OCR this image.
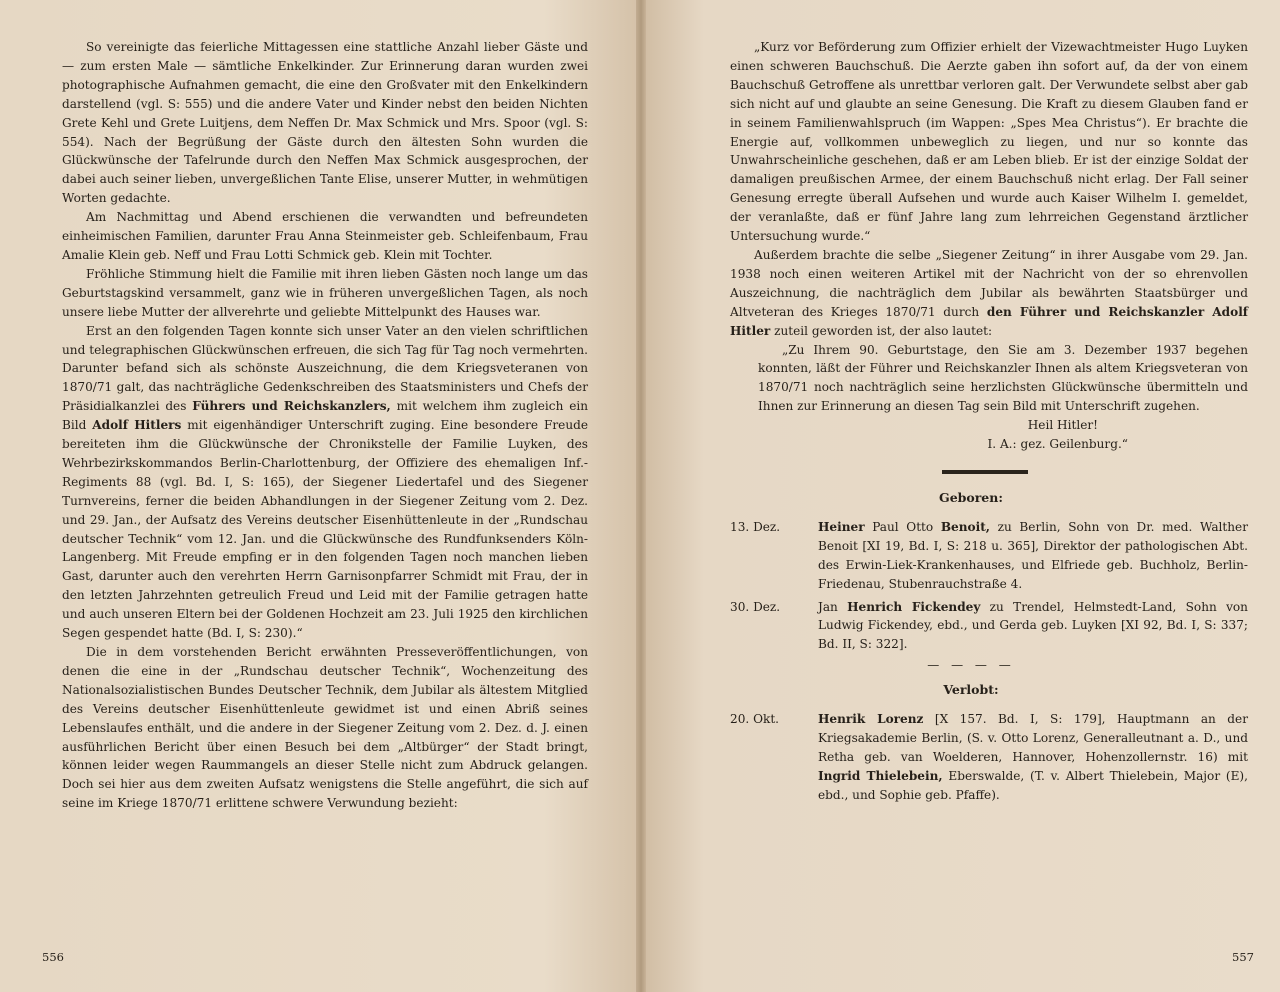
So vereinigte das feierliche Mittagessen eine stattliche Anzahl lieber Gäste und — zum ersten Male — sämtliche Enkelkinder. Zur Erinnerung daran wurden zwei photographische Aufnahmen gemacht, die eine den Großvater mit den Enkelkindern darstellend (vgl. S: 555) und die andere Vater und Kinder nebst den beiden Nichten Grete Kehl und Grete Luitjens, dem Neffen Dr. Max Schmick und Mrs. Spoor (vgl. S: 554). Nach der Begrüßung der Gäste durch den ältesten Sohn wurden die Glückwünsche der Tafelrunde durch den Neffen Max Schmick ausgesprochen, der dabei auch seiner lieben, unvergeßlichen Tante Elise, unserer Mutter, in wehmütigen Worten gedachte.

Am Nachmittag und Abend erschienen die verwandten und befreundeten einheimischen Familien, darunter Frau Anna Steinmeister geb. Schleifenbaum, Frau Amalie Klein geb. Neff und Frau Lotti Schmick geb. Klein mit Tochter.

Fröhliche Stimmung hielt die Familie mit ihren lieben Gästen noch lange um das Geburtstagskind versammelt, ganz wie in früheren unvergeßlichen Tagen, als noch unsere liebe Mutter der allverehrte und geliebte Mittelpunkt des Hauses war.

Erst an den folgenden Tagen konnte sich unser Vater an den vielen schriftlichen und telegraphischen Glückwünschen erfreuen, die sich Tag für Tag noch vermehrten. Darunter befand sich als schönste Auszeichnung, die dem Kriegsveteranen von 1870/71 galt, das nachträgliche Gedenkschreiben des Staatsministers und Chefs der Präsidialkanzlei des Führers und Reichskanzlers, mit welchem ihm zugleich ein Bild Adolf Hitlers mit eigenhändiger Unterschrift zuging. Eine besondere Freude bereiteten ihm die Glückwünsche der Chronikstelle der Familie Luyken, des Wehrbezirkskommandos Berlin-Charlottenburg, der Offiziere des ehemaligen Inf.-Regiments 88 (vgl. Bd. I, S: 165), der Siegener Liedertafel und des Siegener Turnvereins, ferner die beiden Abhandlungen in der Siegener Zeitung vom 2. Dez. und 29. Jan., der Aufsatz des Vereins deutscher Eisenhüttenleute in der „Rundschau deutscher Technik“ vom 12. Jan. und die Glückwünsche des Rundfunksenders Köln-Langenberg. Mit Freude empfing er in den folgenden Tagen noch manchen lieben Gast, darunter auch den verehrten Herrn Garnisonpfarrer Schmidt mit Frau, der in den letzten Jahrzehnten getreulich Freud und Leid mit der Familie getragen hatte und auch unseren Eltern bei der Goldenen Hochzeit am 23. Juli 1925 den kirchlichen Segen gespendet hatte (Bd. I, S: 230).“

Die in dem vorstehenden Bericht erwähnten Presseveröffentlichungen, von denen die eine in der „Rundschau deutscher Technik“, Wochenzeitung des Nationalsozialistischen Bundes Deutscher Technik, dem Jubilar als ältestem Mitglied des Vereins deutscher Eisenhüttenleute gewidmet ist und einen Abriß seines Lebenslaufes enthält, und die andere in der Siegener Zeitung vom 2. Dez. d. J. einen ausführlichen Bericht über einen Besuch bei dem „Altbürger“ der Stadt bringt, können leider wegen Raummangels an dieser Stelle nicht zum Abdruck gelangen. Doch sei hier aus dem zweiten Aufsatz wenigstens die Stelle angeführt, die sich auf seine im Kriege 1870/71 erlittene schwere Verwundung bezieht:

556

„Kurz vor Beförderung zum Offizier erhielt der Vizewachtmeister Hugo Luyken einen schweren Bauchschuß. Die Aerzte gaben ihn sofort auf, da der von einem Bauchschuß Getroffene als unrettbar verloren galt. Der Verwundete selbst aber gab sich nicht auf und glaubte an seine Genesung. Die Kraft zu diesem Glauben fand er in seinem Familienwahlspruch (im Wappen: „Spes Mea Christus“). Er brachte die Energie auf, vollkommen unbeweglich zu liegen, und nur so konnte das Unwahrscheinliche geschehen, daß er am Leben blieb. Er ist der einzige Soldat der damaligen preußischen Armee, der einem Bauchschuß nicht erlag. Der Fall seiner Genesung erregte überall Aufsehen und wurde auch Kaiser Wilhelm I. gemeldet, der veranlaßte, daß er fünf Jahre lang zum lehrreichen Gegenstand ärztlicher Untersuchung wurde.“

Außerdem brachte die selbe „Siegener Zeitung“ in ihrer Ausgabe vom 29. Jan. 1938 noch einen weiteren Artikel mit der Nachricht von der so ehrenvollen Auszeichnung, die nachträglich dem Jubilar als bewährten Staatsbürger und Altveteran des Krieges 1870/71 durch den Führer und Reichskanzler Adolf Hitler zuteil geworden ist, der also lautet:

„Zu Ihrem 90. Geburtstage, den Sie am 3. Dezember 1937 begehen konnten, läßt der Führer und Reichskanzler Ihnen als altem Kriegsveteran von 1870/71 noch nachträglich seine herzlichsten Glückwünsche übermitteln und Ihnen zur Erinnerung an diesen Tag sein Bild mit Unterschrift zugehen.

Heil Hitler!

I. A.: gez. Geilenburg.“

Geboren:
13. Dez.	Heiner Paul Otto Benoit, zu Berlin, Sohn von Dr. med. Walther Benoit [XI 19, Bd. I, S: 218 u. 365], Direktor der pathologischen Abt. des Erwin-Liek-Krankenhauses, und Elfriede geb. Buchholz, Berlin-Friedenau, Stubenrauchstraße 4.
30. Dez.	Jan Henrich Fickendey zu Trendel, Helmstedt-Land, Sohn von Ludwig Fickendey, ebd., und Gerda geb. Luyken [XI 92, Bd. I, S: 337; Bd. II, S: 322].
— — — —
Verlobt:
20. Okt.	Henrik Lorenz [X 157. Bd. I, S: 179], Hauptmann an der Kriegsakademie Berlin, (S. v. Otto Lorenz, Generalleutnant a. D., und Retha geb. van Woelderen, Hannover, Hohenzollernstr. 16) mit Ingrid Thielebein, Eberswalde, (T. v. Albert Thielebein, Major (E), ebd., und Sophie geb. Pfaffe).
557
